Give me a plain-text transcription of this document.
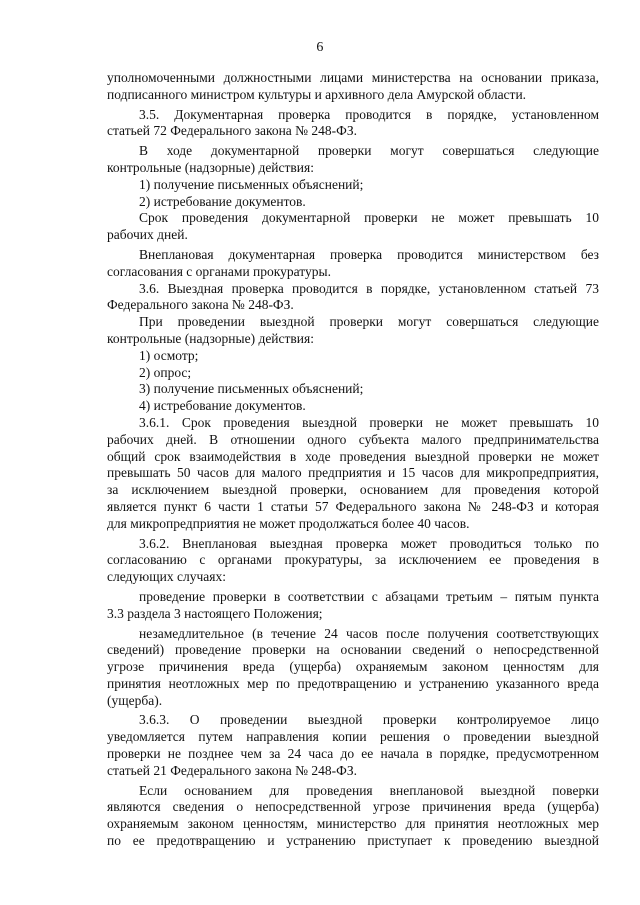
6
уполномоченными должностными лицами министерства на основании приказа,
подписанного министром культуры и архивного дела Амурской области.
3.5. Документарная проверка проводится в порядке, установленном
статьей 72 Федерального закона № 248-ФЗ.
В ходе документарной проверки могут совершаться следующие
контрольные (надзорные) действия:
1) получение письменных объяснений;
2) истребование документов.
Срок проведения документарной проверки не может превышать 10
рабочих дней.
Внеплановая документарная проверка проводится министерством без
согласования с органами прокуратуры.
3.6. Выездная проверка проводится в порядке, установленном статьей 73
Федерального закона № 248-ФЗ.
При проведении выездной проверки могут совершаться следующие
контрольные (надзорные) действия:
1) осмотр;
2) опрос;
3) получение письменных объяснений;
4) истребование документов.
3.6.1. Срок проведения выездной проверки не может превышать 10
рабочих дней. В отношении одного субъекта малого предпринимательства
общий срок взаимодействия в ходе проведения выездной проверки не может
превышать 50 часов для малого предприятия и 15 часов для микропредприятия,
за исключением выездной проверки, основанием для проведения которой
является пункт 6 части 1 статьи 57 Федерального закона № 248-ФЗ и которая
для микропредприятия не может продолжаться более 40 часов.
3.6.2. Внеплановая выездная проверка может проводиться только по
согласованию с органами прокуратуры, за исключением ее проведения в
следующих случаях:
проведение проверки в соответствии с абзацами третьим – пятым пункта
3.3 раздела 3 настоящего Положения;
незамедлительное (в течение 24 часов после получения соответствующих
сведений) проведение проверки на основании сведений о непосредственной
угрозе причинения вреда (ущерба) охраняемым законом ценностям для
принятия неотложных мер по предотвращению и устранению указанного вреда
(ущерба).
3.6.3. О проведении выездной проверки контролируемое лицо
уведомляется путем направления копии решения о проведении выездной
проверки не позднее чем за 24 часа до ее начала в порядке, предусмотренном
статьей 21 Федерального закона № 248-ФЗ.
Если основанием для проведения внеплановой выездной поверки
являются сведения о непосредственной угрозе причинения вреда (ущерба)
охраняемым законом ценностям, министерство для принятия неотложных мер
по ее предотвращению и устранению приступает к проведению выездной
